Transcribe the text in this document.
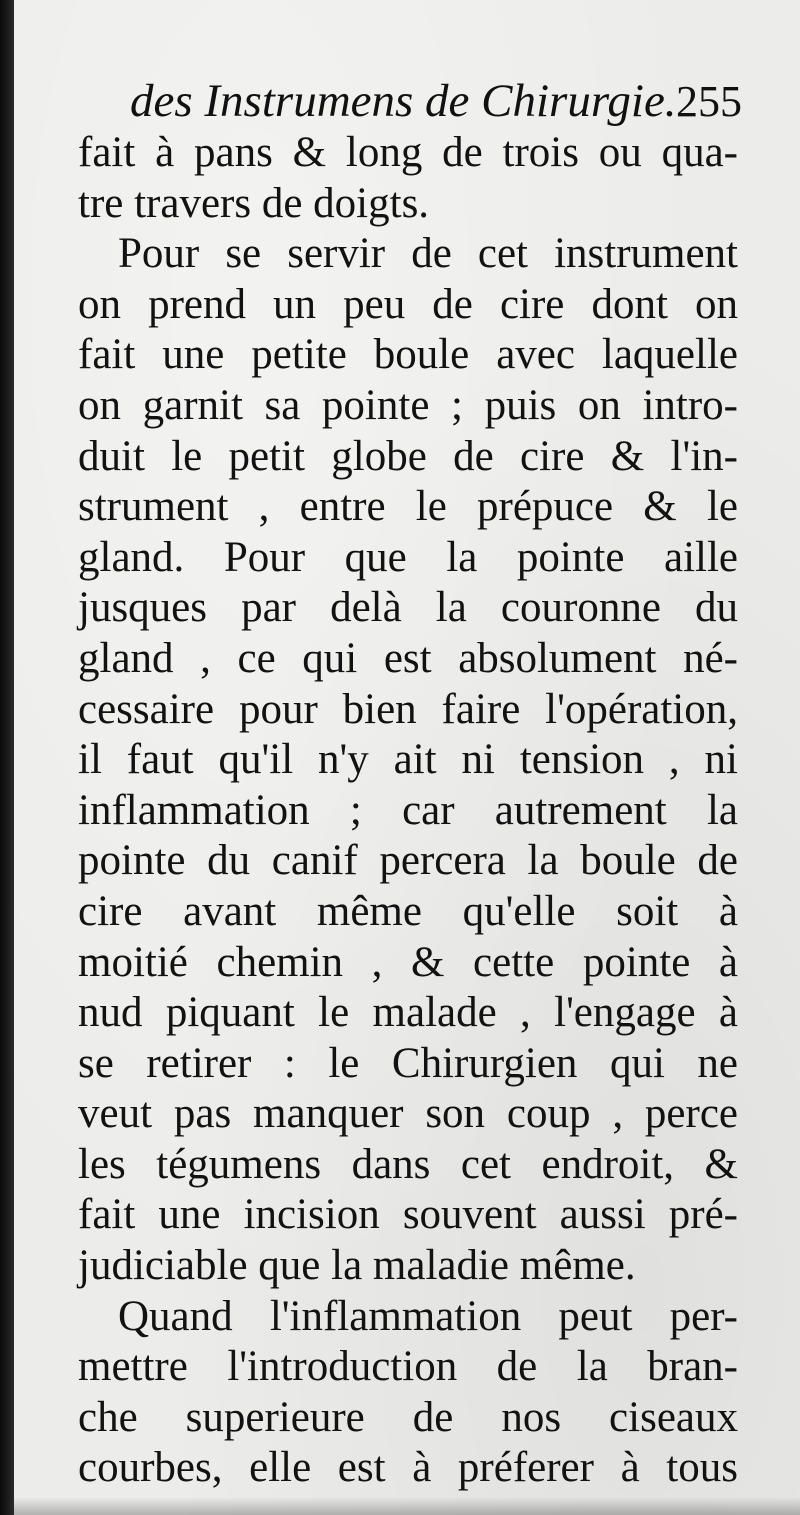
des Instrumens de Chirurgie. 255
fait à pans & long de trois ou qua-
tre travers de doigts.
Pour se servir de cet instrument
on prend un peu de cire dont on
fait une petite boule avec laquelle
on garnit sa pointe ; puis on intro-
duit le petit globe de cire & l'in-
strument , entre le prépuce & le
gland. Pour que la pointe aille
jusques par delà la couronne du
gland , ce qui est absolument né-
cessaire pour bien faire l'opération,
il faut qu'il n'y ait ni tension , ni
inflammation ; car autrement la
pointe du canif percera la boule de
cire avant même qu'elle soit à
moitié chemin , & cette pointe à
nud piquant le malade , l'engage à
se retirer : le Chirurgien qui ne
veut pas manquer son coup , perce
les tégumens dans cet endroit, &
fait une incision souvent aussi pré-
judiciable que la maladie même.
Quand l'inflammation peut per-
mettre l'introduction de la bran-
che superieure de nos ciseaux
courbes, elle est à préferer à tous
